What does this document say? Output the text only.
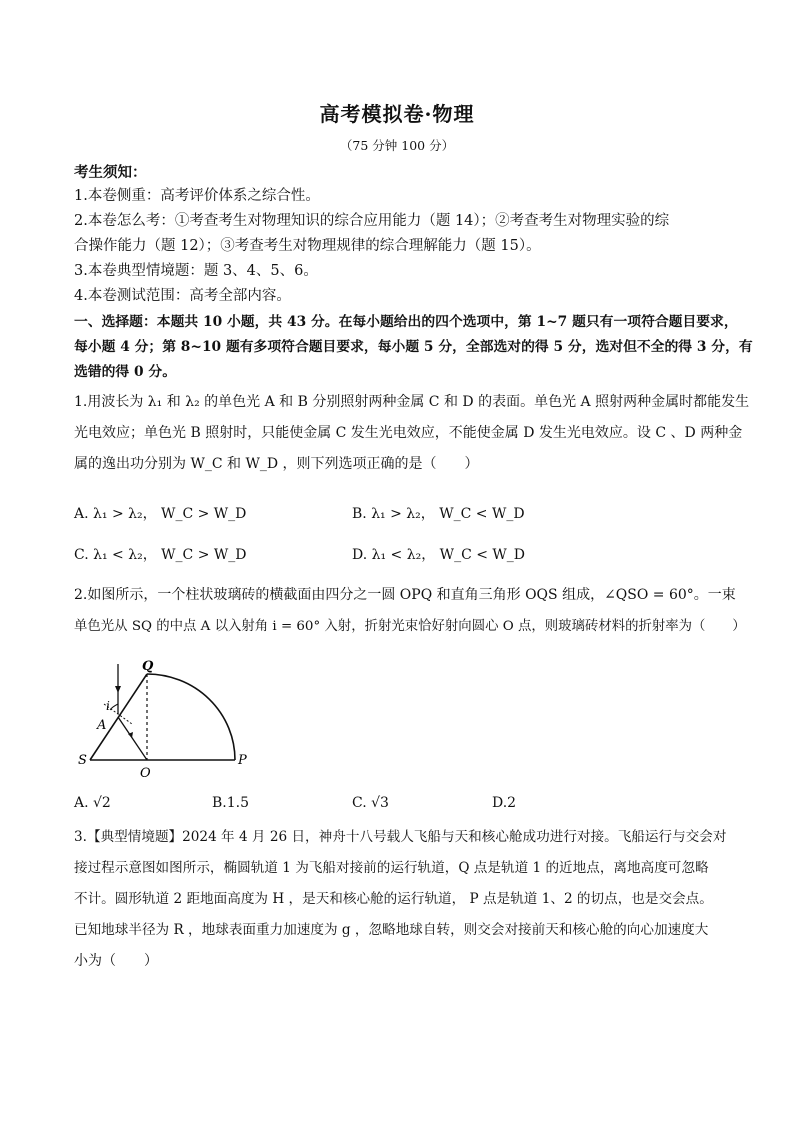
高考模拟卷·物理
（75 分钟 100 分）
考生须知：
1.本卷侧重：高考评价体系之综合性。
2.本卷怎么考：①考查考生对物理知识的综合应用能力（题 14）；②考查考生对物理实验的综
合操作能力（题 12）；③考查考生对物理规律的综合理解能力（题 15）。
3.本卷典型情境题：题 3、4、5、6。
4.本卷测试范围：高考全部内容。
一、选择题：本题共 10 小题，共 43 分。在每小题给出的四个选项中，第 1~7 题只有一项符合题目要求，
每小题 4 分；第 8~10 题有多项符合题目要求，每小题 5 分，全部选对的得 5 分，选对但不全的得 3 分，有
选错的得 0 分。
1.用波长为 λ₁ 和 λ₂ 的单色光 A 和 B 分别照射两种金属 C 和 D 的表面。单色光 A 照射两种金属时都能发生
光电效应；单色光 B 照射时，只能使金属 C 发生光电效应，不能使金属 D 发生光电效应。设 C 、D 两种金
属的逸出功分别为 W_C 和 W_D ，则下列选项正确的是（　　）
A. λ₁ > λ₂， W_C > W_D	B. λ₁ > λ₂， W_C < W_D
C. λ₁ < λ₂， W_C > W_D	D. λ₁ < λ₂， W_C < W_D
2.如图所示，一个柱状玻璃砖的横截面由四分之一圆 OPQ 和直角三角形 OQS 组成，∠QSO = 60°。一束
单色光从 SQ 的中点 A 以入射角 i = 60° 入射，折射光束恰好射向圆心 O 点，则玻璃砖材料的折射率为（　　）
Q
S
O
P
A
i
A. √2	B.1.5	C. √3	D.2
3.【典型情境题】2024 年 4 月 26 日，神舟十八号载人飞船与天和核心舱成功进行对接。飞船运行与交会对
接过程示意图如图所示，椭圆轨道 1 为飞船对接前的运行轨道，Q 点是轨道 1 的近地点，离地高度可忽略
不计。圆形轨道 2 距地面高度为 H ，是天和核心舱的运行轨道， P 点是轨道 1、2 的切点，也是交会点。
已知地球半径为 R ，地球表面重力加速度为 g ，忽略地球自转，则交会对接前天和核心舱的向心加速度大
小为（　　）
